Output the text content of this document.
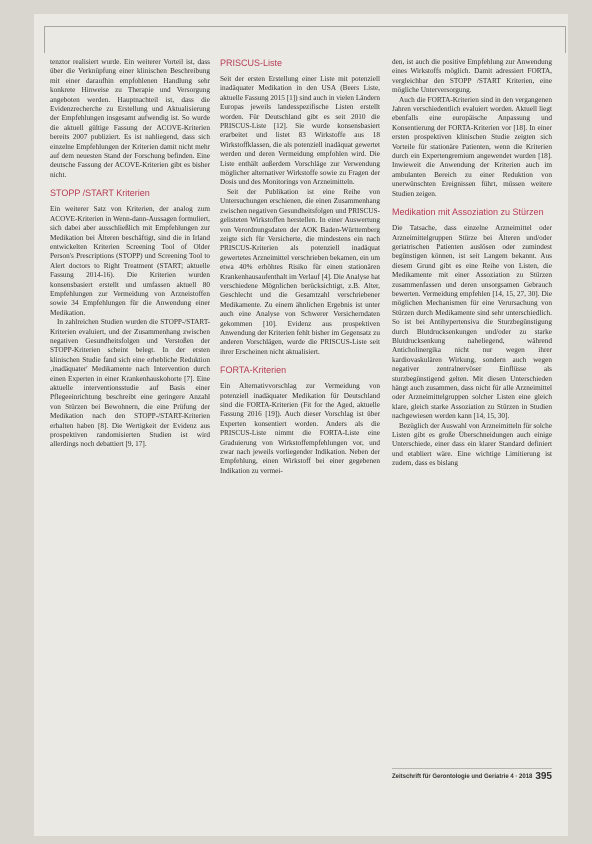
tenztor realisiert wurde. Ein weiterer Vorteil ist, dass über die Verknüpfung einer klinischen Beschreibung mit einer daraufhin empfohlenen Handlung sehr konkrete Hinweise zu Therapie und Versorgung angeboten werden. Hauptnachteil ist, dass die Evidenzrecherche zu Erstellung und Aktualisierung der Empfehlungen insgesamt aufwendig ist. So wurde die aktuell gültige Fassung der ACOVE-Kriterien bereits 2007 publiziert. Es ist nahliegend, dass sich einzelne Empfehlungen der Kriterien damit nicht mehr auf dem neuesten Stand der Forschung befinden. Eine deutsche Fassung der ACOVE-Kriterien gibt es bisher nicht.

STOPP /START Kriterien

Ein weiterer Satz von Kriterien, der analog zum ACOVE-Kriterien in Wenn-dann-Aussagen formuliert, sich dabei aber ausschließlich mit Empfehlungen zur Medikation bei Älteren beschäftigt, sind die in Irland entwickelten Kriterien Screening Tool of Older Person's Prescriptions (STOPP) und Screening Tool to Alert doctors to Right Treatment (START; aktuelle Fassung 2014-16). Die Kriterien wurden konsensbasiert erstellt und umfassen aktuell 80 Empfehlungen zur Vermeidung von Arzneistoffen sowie 34 Empfehlungen für die Anwendung einer Medikation.

In zahlreichen Studien wurden die STOPP-/START-Kriterien evaluiert, und der Zusammenhang zwischen negativen Gesundheitsfolgen und Verstoßen der STOPP-Kriterien scheint belegt. In der ersten klinischen Studie fand sich eine erhebliche Reduktion ‚inadäquater' Medikamente nach Intervention durch einen Experten in einer Krankenhauskohorte [7]. Eine aktuelle interventionsstudie auf Basis einer Pflegeeinrichtung beschreibt eine geringere Anzahl von Stürzen bei Bewohnern, die eine Prüfung der Medikation nach den STOPP-/START-Kriterien erhalten haben [8]. Die Wertigkeit der Evidenz aus prospektiven randomisierten Studien ist wird allerdings noch debattiert [9, 17].

PRISCUS-Liste

Seit der ersten Erstellung einer Liste mit potenziell inadäquater Medikation in den USA (Beers Liste, aktuelle Fassung 2015 [1]) sind auch in vielen Ländern Europas jeweils landesspezifische Listen erstellt worden. Für Deutschland gibt es seit 2010 die PRISCUS-Liste [12]. Sie wurde konsensbasiert erarbeitet und listet 83 Wirkstoffe aus 18 Wirkstoffklassen, die als potenziell inadäquat gewertet werden und deren Vermeidung empfohlen wird. Die Liste enthält außerdem Vorschläge zur Verwendung möglicher alternativer Wirkstoffe sowie zu Fragen der Dosis und des Monitorings von Arzneimitteln.

Seit der Publikation ist eine Reihe von Untersuchungen erschienen, die einen Zusammenhang zwischen negativen Gesundheitsfolgen und PRISCUS-gelisteten Wirkstoffen herstellen. In einer Auswertung von Verordnungsdaten der AOK Baden-Württemberg zeigte sich für Versicherte, die mindestens ein nach PRISCUS-Kriterien als potenziell inadäquat gewertetes Arzneimittel verschrieben bekamen, ein um etwa 40% erhöhtes Risiko für einen stationären Krankenhausaufenthalt im Verlauf [4]. Die Analyse hat verschiedene Mögnlichen berücksichtigt, z.B. Alter, Geschlecht und die Gesamtzahl verschriebener Medikamente. Zu einem ähnlichen Ergebnis ist unter auch eine Analyse von Schwerer Versicherndaten gekommen [10]. Evidenz aus prospektiven Anwendung der Kriterien fehlt bisher im Gegensatz zu anderen Vorschlägen, wurde die PRISCUS-Liste seit ihrer Erscheinen nicht aktualisiert.

FORTA-Kriterien

Ein Alternativvorschlag zur Vermeidung von potenziell inadäquater Medikation für Deutschland sind die FORTA-Kriterien (Fit for the Aged, aktuelle Fassung 2016 [19]). Auch dieser Vorschlag ist über Experten konsentiert worden. Anders als die PRISCUS-Liste nimmt die FORTA-Liste eine Graduierung von Wirkstoffempfehlungen vor, und zwar nach jeweils vorliegender Indikation. Neben der Empfehlung, einen Wirkstoff bei einer gegebenen Indikation zu vermei-

den, ist auch die positive Empfehlung zur Anwendung eines Wirkstoffs möglich. Damit adressiert FORTA, vergleichbar den STOPP /START Kriterien, eine mögliche Unterversorgung.

Auch die FORTA-Kriterien sind in den vergangenen Jahren verschiedentlich evaluiert worden. Aktuell liegt ebenfalls eine europäische Anpassung und Konsentierung der FORTA-Kriterien vor [18]. In einer ersten prospektiven klinischen Studie zeigten sich Vorteile für stationäre Patienten, wenn die Kriterien durch ein Expertengremium angewendet wurden [18]. Inwieweit die Anwendung der Kriterien auch im ambulanten Bereich zu einer Reduktion von unerwünschten Ereignissen führt, müssen weitere Studien zeigen.

Medikation mit Assoziation zu Stürzen

Die Tatsache, dass einzelne Arzneimittel oder Arzneimittelgruppen Stürze bei Älteren und/oder geriatrischen Patienten auslösen oder zumindest begünstigen können, ist seit Langem bekannt. Aus diesem Grund gibt es eine Reihe von Listen, die Medikamente mit einer Assoziation zu Stürzen zusammenfassen und deren unsorgsamen Gebrauch bewerten. Vermeidung empfehlen [14, 15, 27, 30]. Die möglichen Mechanismen für eine Verursachung von Stürzen durch Medikamente sind sehr unterschiedlich. So ist bei Antihypertensiva die Sturzbegünstigung durch Blutdrucksenkungen und/oder zu starke Blutdrucksenkung naheliegend, während Anticholinergika nicht nur wegen ihrer kardiovaskulären Wirkung, sondern auch wegen negativer zentralnervöser Einflüsse als sturzbegünstigend gelten. Mit diesen Unterschieden hängt auch zusammen, dass nicht für alle Arzneimittel oder Arzneimittelgruppen solcher Listen eine gleich klare, gleich starke Assoziation zu Stürzen in Studien nachgewiesen werden kann [14, 15, 30].

Bezüglich der Auswahl von Arzneimitteln für solche Listen gibt es große Überschneidungen auch einige Unterschiede, einer dass ein klarer Standard definiert und etabliert wäre. Eine wichtige Limitierung ist zudem, dass es bislang

Zeitschrift für Gerontologie und Geriatrie 4 · 2018 395
